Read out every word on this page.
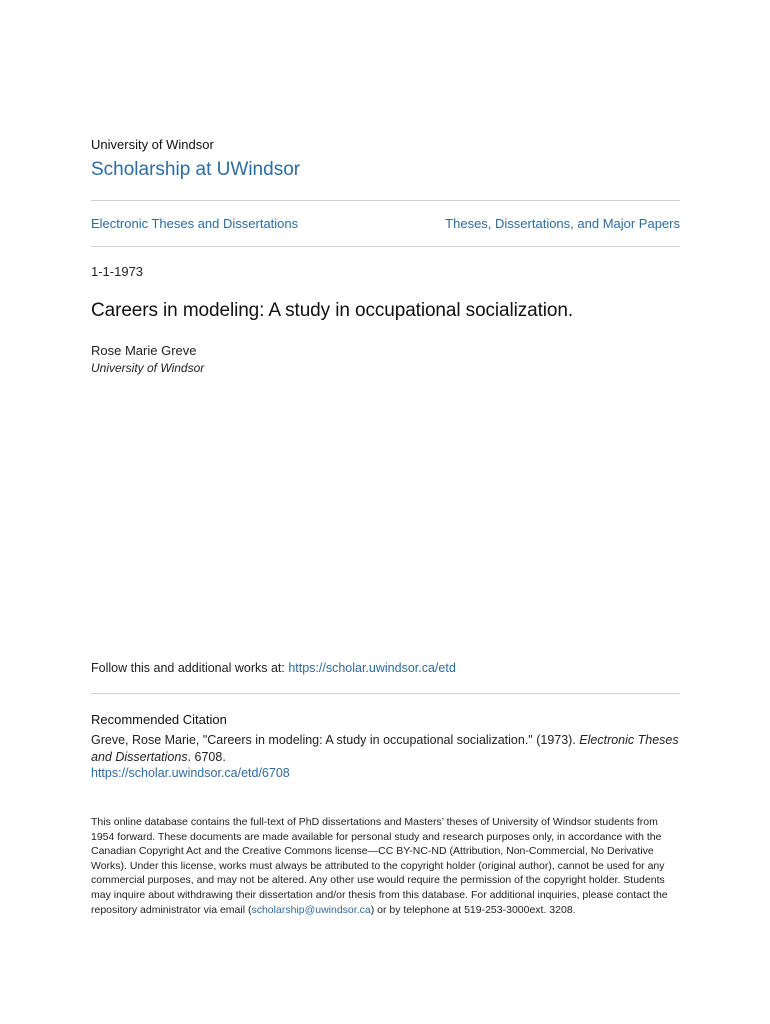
University of Windsor
Scholarship at UWindsor
Electronic Theses and Dissertations	Theses, Dissertations, and Major Papers
1-1-1973
Careers in modeling: A study in occupational socialization.
Rose Marie Greve
University of Windsor
Follow this and additional works at: https://scholar.uwindsor.ca/etd
Recommended Citation
Greve, Rose Marie, "Careers in modeling: A study in occupational socialization." (1973). Electronic Theses and Dissertations. 6708.
https://scholar.uwindsor.ca/etd/6708

This online database contains the full-text of PhD dissertations and Masters’ theses of University of Windsor students from 1954 forward. These documents are made available for personal study and research purposes only, in accordance with the Canadian Copyright Act and the Creative Commons license—CC BY-NC-ND (Attribution, Non-Commercial, No Derivative Works). Under this license, works must always be attributed to the copyright holder (original author), cannot be used for any commercial purposes, and may not be altered. Any other use would require the permission of the copyright holder. Students may inquire about withdrawing their dissertation and/or thesis from this database. For additional inquiries, please contact the repository administrator via email (scholarship@uwindsor.ca) or by telephone at 519-253-3000ext. 3208.
